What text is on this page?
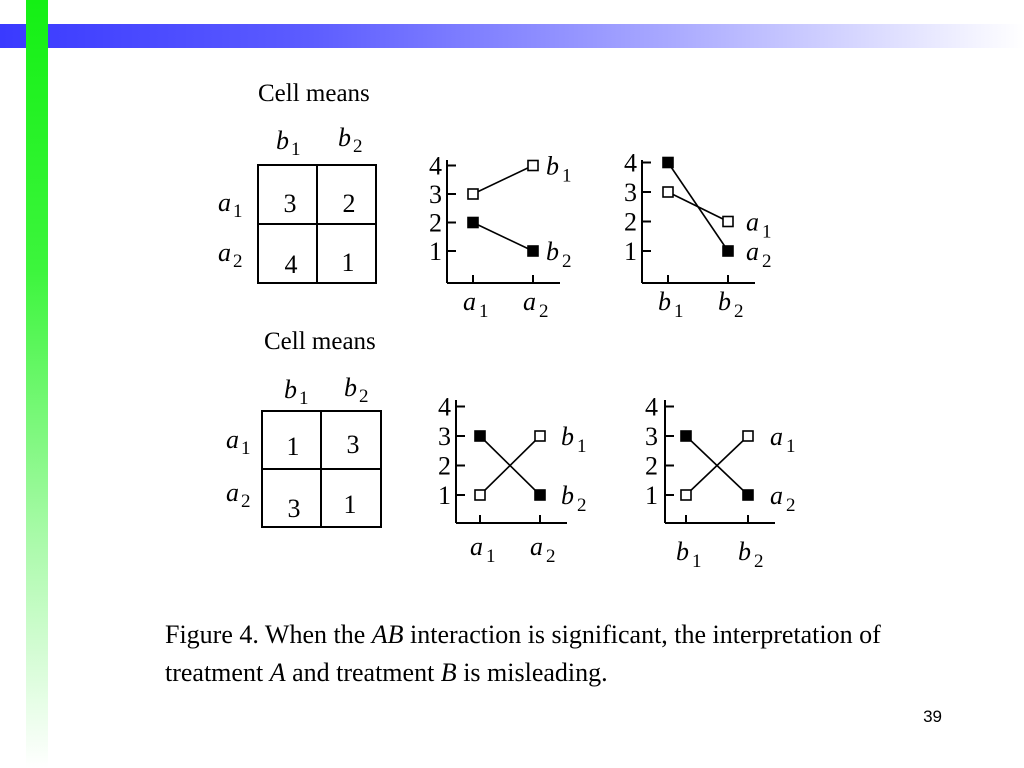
Cell means
b $_1$ b $_2$
a $_1$
a $_2$
3	2
4	1
Cell means
b $_1$ b $_2$
a $_1$
a $_2$
1	3
3	1
1
2
3
4
a $_1$ a $_2$
b $_1$
b $_2$ 1
2
3
4
b $_1$ b $_2$
a $_1$
a $_2$
1
2
3
4
a $_1$ a $_2$
b $_1$
b $_2$ 1
2
3
4
b $_1$ b $_2$
a $_1$
a $_2$
Figure 4. When the AB interaction is significant, the interpretation of treatment A and treatment B is misleading.
39
